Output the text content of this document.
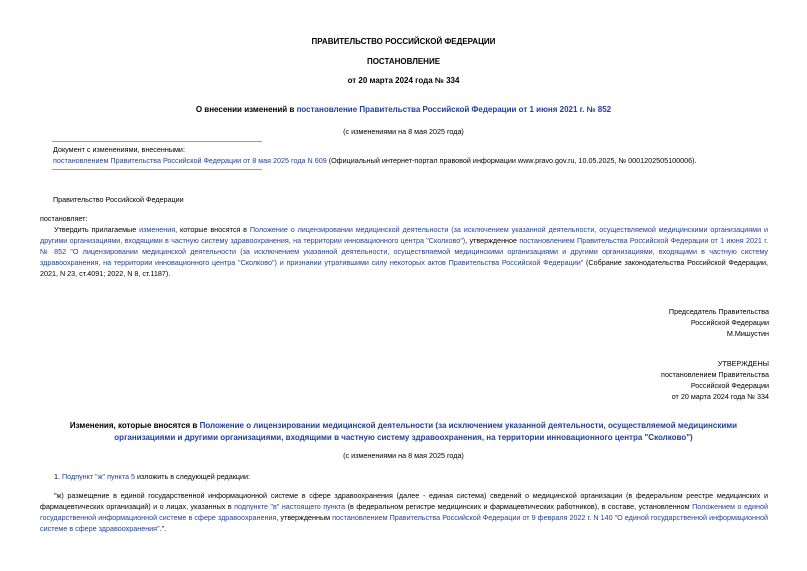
ПРАВИТЕЛЬСТВО РОССИЙСКОЙ ФЕДЕРАЦИИ
ПОСТАНОВЛЕНИЕ
от 20 марта 2024 года № 334
О внесении изменений в постановление Правительства Российской Федерации от 1 июня 2021 г. № 852
(с изменениями на 8 мая 2025 года)
Документ с изменениями, внесенными:
постановлением Правительства Российской Федерации от 8 мая 2025 года N 609 (Официальный интернет-портал правовой информации www.pravo.gov.ru, 10.05.2025, № 0001202505100006).
Правительство Российской Федерации
постановляет:
Утвердить прилагаемые изменения, которые вносятся в Положение о лицензировании медицинской деятельности (за исключением указанной деятельности, осуществляемой медицинскими организациями и другими организациями, входящими в частную систему здравоохранения, на территории инновационного центра "Сколково"), утвержденное постановлением Правительства Российской Федерации от 1 июня 2021 г. № 852 "О лицензировании медицинской деятельности (за исключением указанной деятельности, осуществляемой медицинскими организациями и другими организациями, входящими в частную систему здравоохранения, на территории инновационного центра "Сколково") и признании утратившими силу некоторых актов Правительства Российской Федерации" (Собрание законодательства Российской Федерации, 2021, N 23, ст.4091; 2022, N 8, ст.1187).
Председатель Правительства
Российской Федерации
М.Мишустин
УТВЕРЖДЕНЫ
постановлением Правительства
Российской Федерации
от 20 марта 2024 года № 334
Изменения, которые вносятся в Положение о лицензировании медицинской деятельности (за исключением указанной деятельности, осуществляемой медицинскими организациями и другими организациями, входящими в частную систему здравоохранения, на территории инновационного центра "Сколково")
(с изменениями на 8 мая 2025 года)
1. Подпункт "ж" пункта 5 изложить в следующей редакции:
"ж) размещение в единой государственной информационной системе в сфере здравоохранения (далее - единая система) сведений о медицинской организации (в федеральном реестре медицинских и фармацевтических организаций) и о лицах, указанных в подпункте "в" настоящего пункта (в федеральном регистре медицинских и фармацевтических работников), в составе, установленном Положением о единой государственной информационной системе в сфере здравоохранения, утвержденным постановлением Правительства Российской Федерации от 9 февраля 2022 г. N 140 "О единой государственной информационной системе в сфере здравоохранения".".
